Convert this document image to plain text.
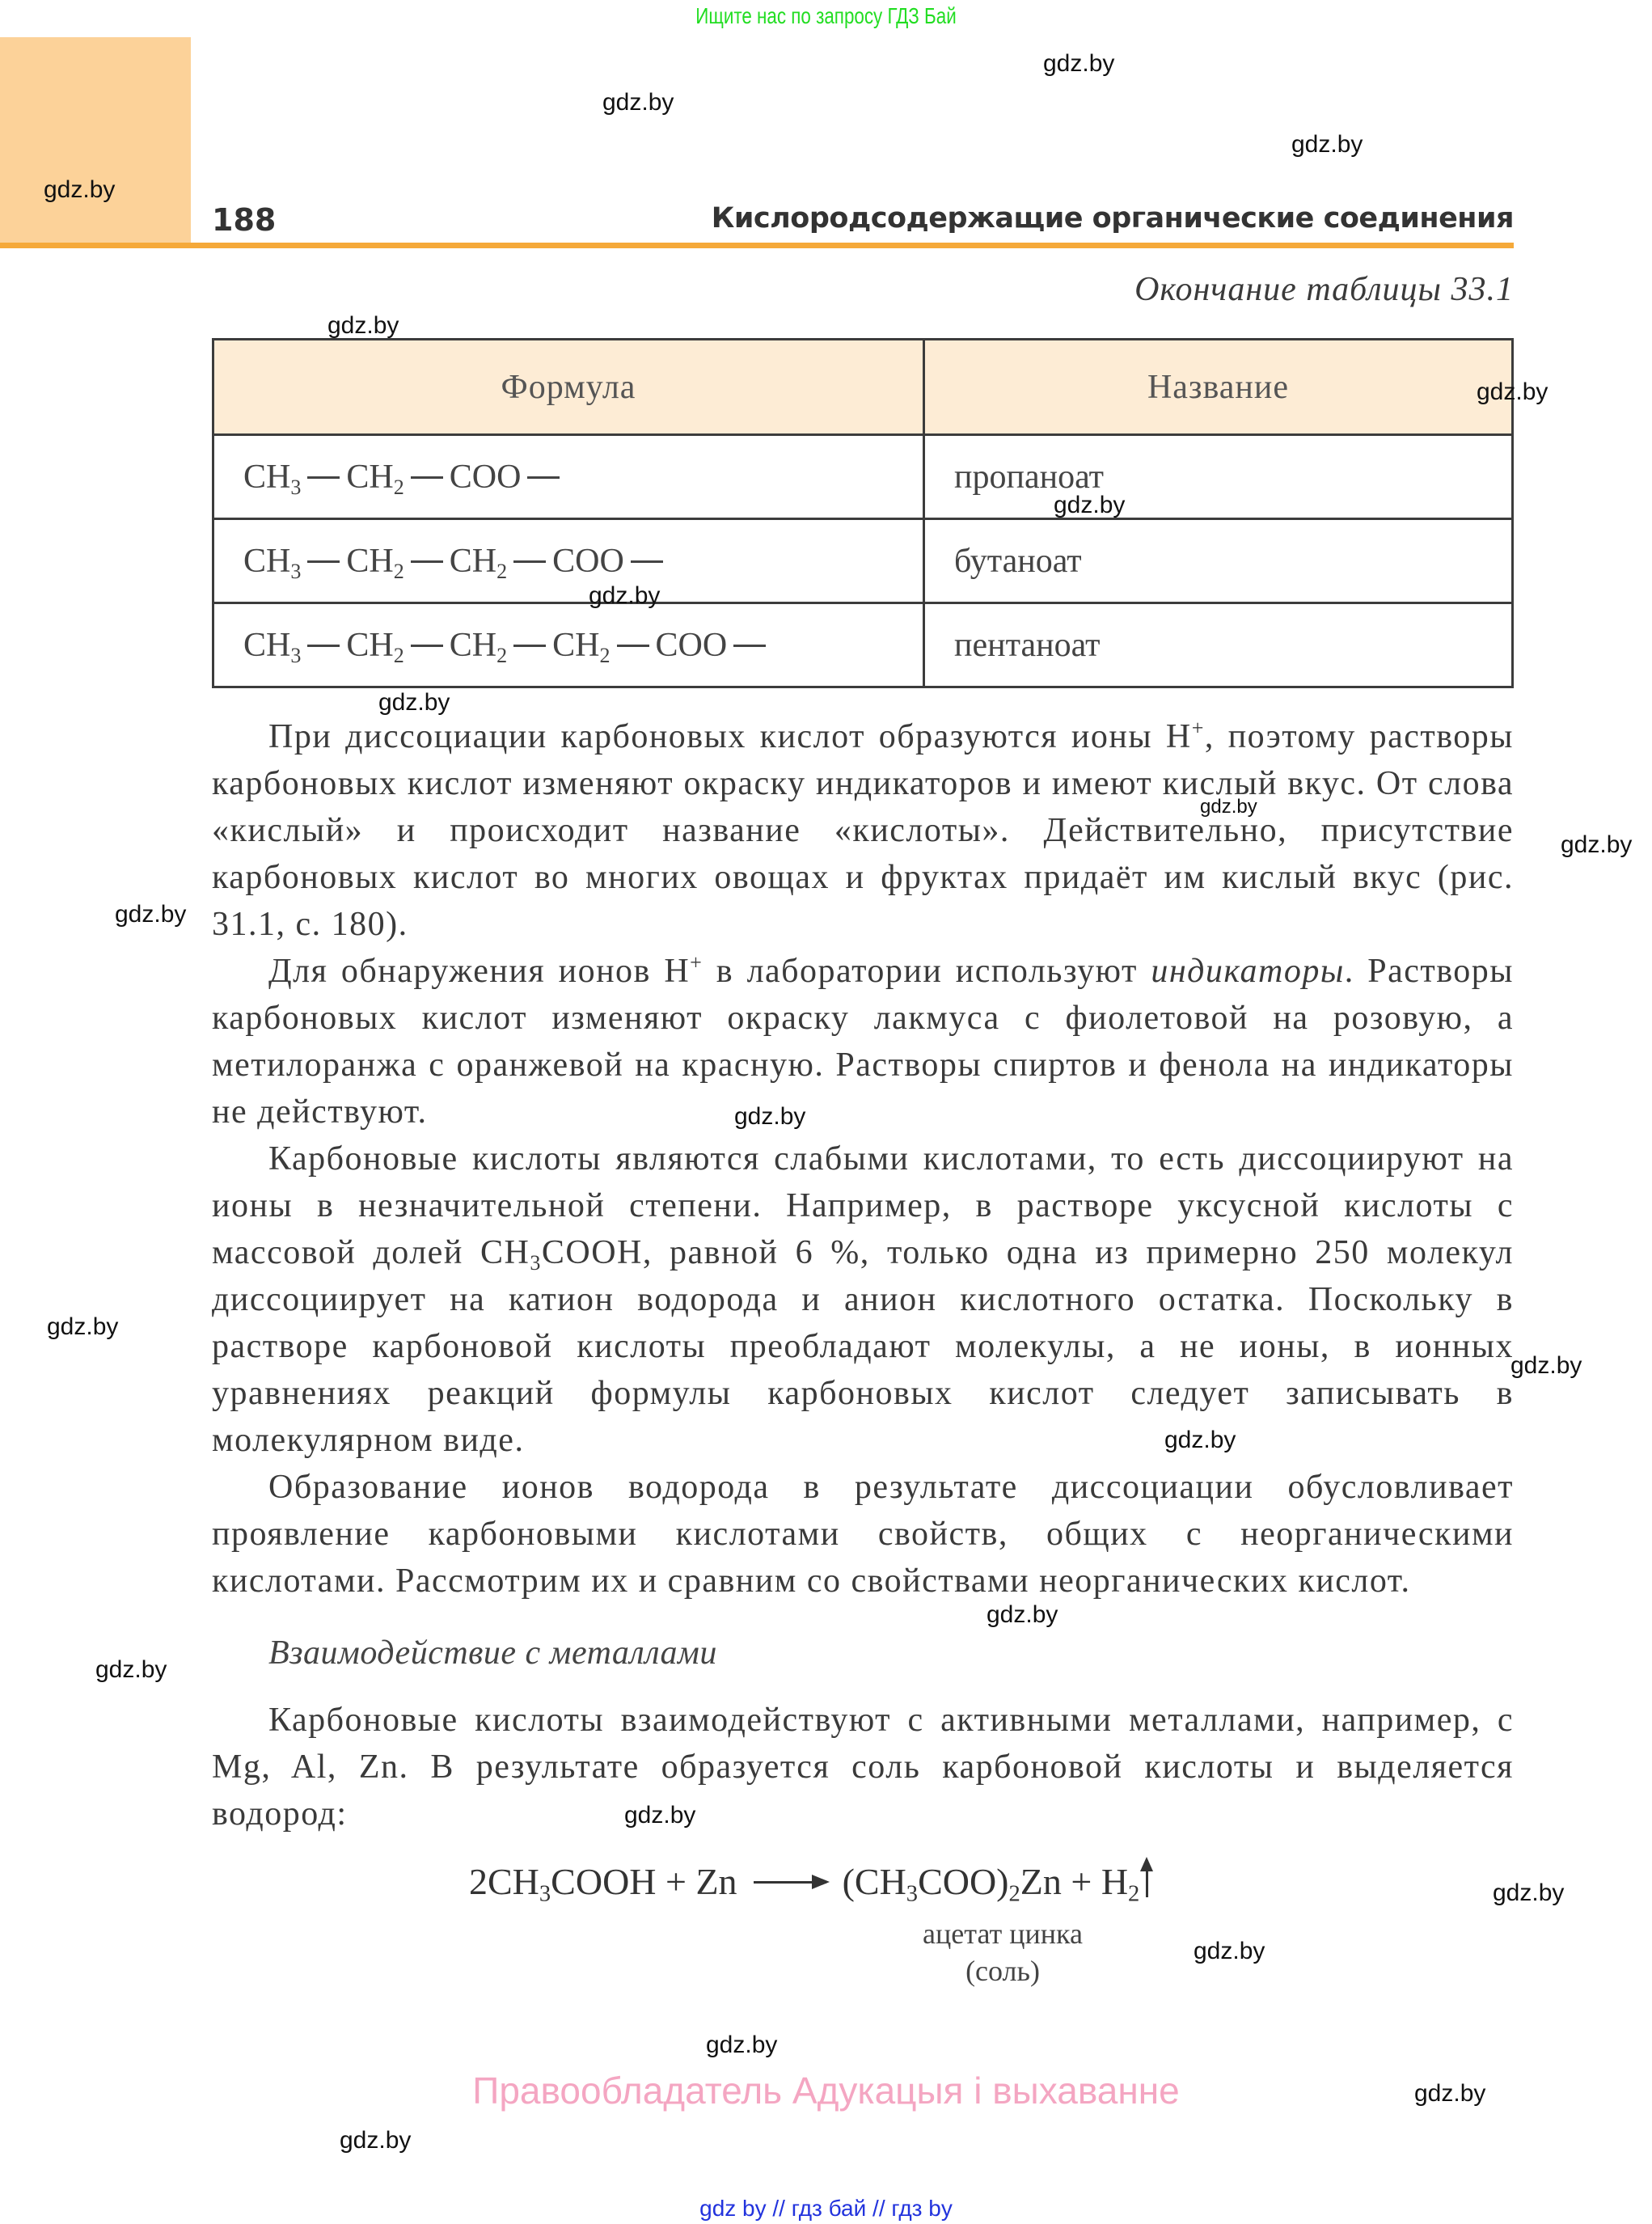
Ищите нас по запросу ГДЗ Бай
188	Кислородсодержащие органические соединения
Окончание таблицы 33.1
Формула	Название
$CH_3$ $CH_2$ COO	пропаноат
$CH_3$ $CH_2$ $CH_2$ COO	бутаноат
$CH_3$ $CH_2$ $CH_2$ $CH_2$ COO	пентаноат

При диссоциации карбоновых кислот образуются ионы H+, поэтому растворы карбоновых кислот изменяют окраску индикаторов и имеют кислый вкус. От слова «кислый» и происходит название «кислоты». Действительно, присутствие карбоновых кислот во многих овощах и фруктах придаёт им кислый вкус (рис. 31.1, с. 180).

Для обнаружения ионов H+ в лаборатории используют индикаторы. Растворы карбоновых кислот изменяют окраску лакмуса с фиолетовой на розовую, а метилоранжа с оранжевой на красную. Растворы спиртов и фенола на индикаторы не действуют.

Карбоновые кислоты являются слабыми кислотами, то есть диссоциируют на ионы в незначительной степени. Например, в растворе уксусной кислоты с массовой долей $CH_3COOH$, равной 6 %, только одна из примерно 250 молекул диссоциирует на катион водорода и анион кислотного остатка. Поскольку в растворе карбоновой кислоты преобладают молекулы, а не ионы, в ионных уравнениях реакций формулы карбоновых кислот следует записывать в молекулярном виде.

Образование ионов водорода в результате диссоциации обусловливает проявление карбоновыми кислотами свойств, общих с неорганическими кислотами. Рассмотрим их и сравним со свойствами неорганических кислот.

Взаимодействие с металлами

Карбоновые кислоты взаимодействуют с активными металлами, например, с Mg, Al, Zn. В результате образуется соль карбоновой кислоты и выделяется водород:

$2CH_3COOH + Zn \to (CH_3COO)_2Zn + H_2$
ацетат цинка
(соль)
Правообладатель Адукацыя і выхаванне
gdz by // гдз бай // гдз by
gdz.by
gdz.by
gdz.by
gdz.by
gdz.by
gdz.by
gdz.by
gdz.by
gdz.by
gdz.by
gdz.by
gdz.by
gdz.by
gdz.by
gdz.by
gdz.by
gdz.by
gdz.by
gdz.by
gdz.by
gdz.by
gdz.by
gdz.by
gdz.by
